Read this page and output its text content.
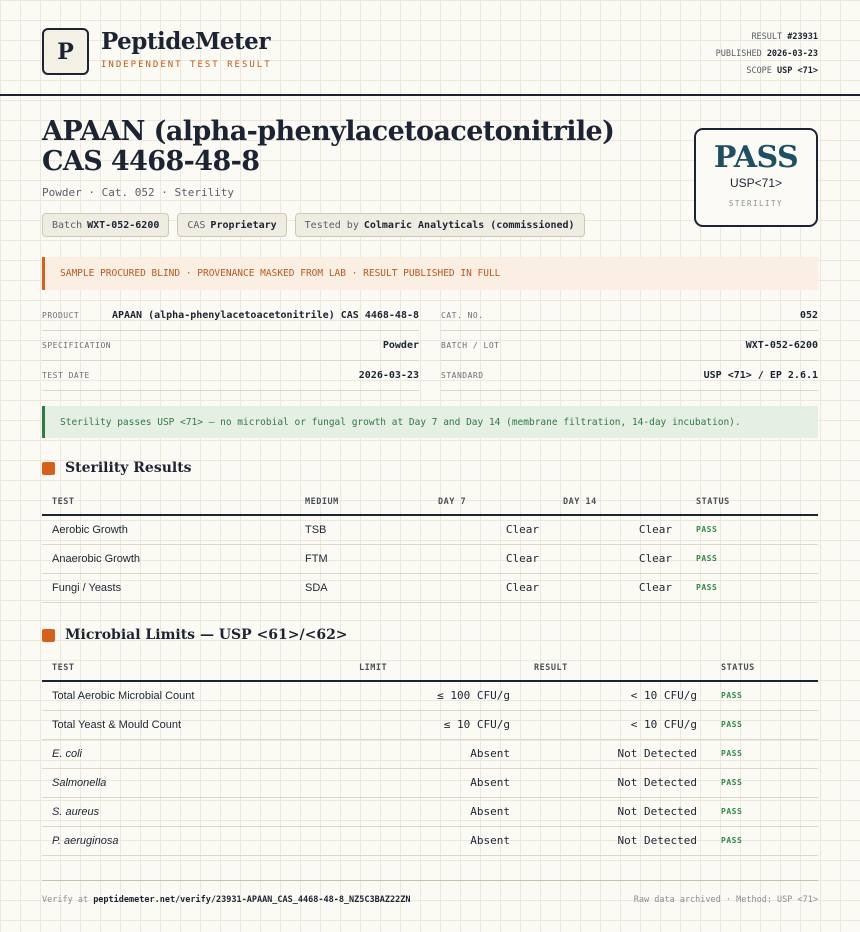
P	PeptideMeter
INDEPENDENT TEST RESULT
RESULT #23931
PUBLISHED 2026-03-23
SCOPE USP <71>
APAAN (alpha-phenylacetoacetonitrile) CAS 4468-48-8
Powder · Cat. 052 · Sterility
Batch WXT-052-6200	CAS Proprietary	Tested by Colmaric Analyticals (commissioned)
PASS
USP<71>
STERILITY
SAMPLE PROCURED BLIND · PROVENANCE MASKED FROM LAB · RESULT PUBLISHED IN FULL
PRODUCT	APAAN (alpha-phenylacetoacetonitrile) CAS 4468-48-8
SPECIFICATION	Powder
TEST DATE	2026-03-23
CAT. NO.	052
BATCH / LOT	WXT-052-6200
STANDARD	USP <71> / EP 2.6.1
Sterility passes USP <71> — no microbial or fungal growth at Day 7 and Day 14 (membrane filtration, 14-day incubation).
Sterility Results
TEST	MEDIUM	DAY 7	DAY 14	STATUS
Aerobic Growth	TSB	Clear	Clear	PASS
Anaerobic Growth	FTM	Clear	Clear	PASS
Fungi / Yeasts	SDA	Clear	Clear	PASS
Microbial Limits — USP <61>/<62>
TEST	LIMIT	RESULT	STATUS
Total Aerobic Microbial Count	≤ 100 CFU/g	< 10 CFU/g	PASS
Total Yeast & Mould Count	≤ 10 CFU/g	< 10 CFU/g	PASS
E. coli	Absent	Not Detected	PASS
Salmonella	Absent	Not Detected	PASS
S. aureus	Absent	Not Detected	PASS
P. aeruginosa	Absent	Not Detected	PASS
Verify at peptidemeter.net/verify/23931-APAAN_CAS_4468-48-8_NZ5C3BAZ22ZN	Raw data archived · Method: USP <71>
